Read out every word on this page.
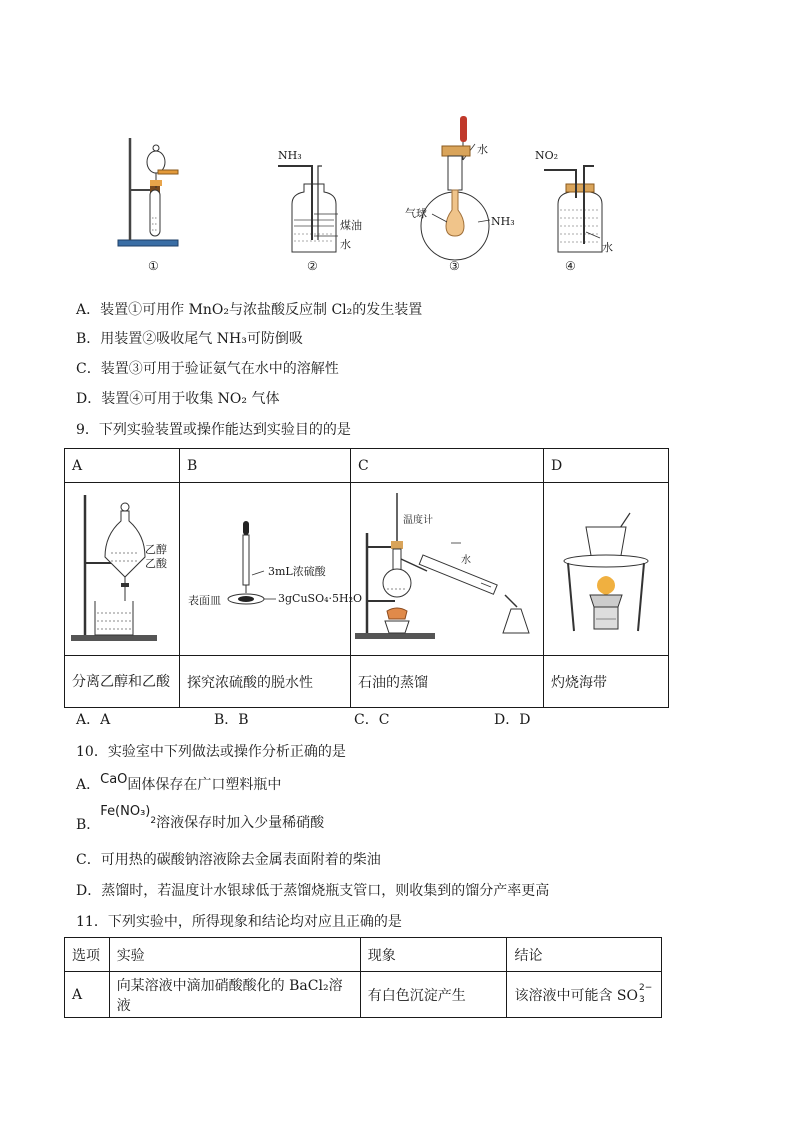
NH₃
煤油
水
水
气球
NH₃
NO₂
水
①	②	③	④
A．装置①可用作 MnO₂与浓盐酸反应制 Cl₂的发生装置
B．用装置②吸收尾气 NH₃可防倒吸
C．装置③可用于验证氨气在水中的溶解性
D．装置④可用于收集 NO₂ 气体
9．下列实验装置或操作能达到实验目的的是
A	B	C	D

乙醇
乙酸	3mL浓硫酸
表面皿 3gCuSO₄·5H₂O	温度计
水

分离乙醇和乙酸	探究浓硫酸的脱水性	石油的蒸馏	灼烧海带
A．A	B．B	C．C	D．D
10．实验室中下列做法或操作分析正确的是
A．CaO固体保存在广口塑料瓶中
B．$Fe(NO_3)_2$溶液保存时加入少量稀硝酸
C．可用热的碳酸钠溶液除去金属表面附着的柴油
D．蒸馏时，若温度计水银球低于蒸馏烧瓶支管口，则收集到的馏分产率更高
11．下列实验中，所得现象和结论均对应且正确的是
选项	实验	现象	结论
A	向某溶液中滴加硝酸酸化的 BaCl₂溶液	有白色沉淀产生	该溶液中可能含 SO 2−
3
